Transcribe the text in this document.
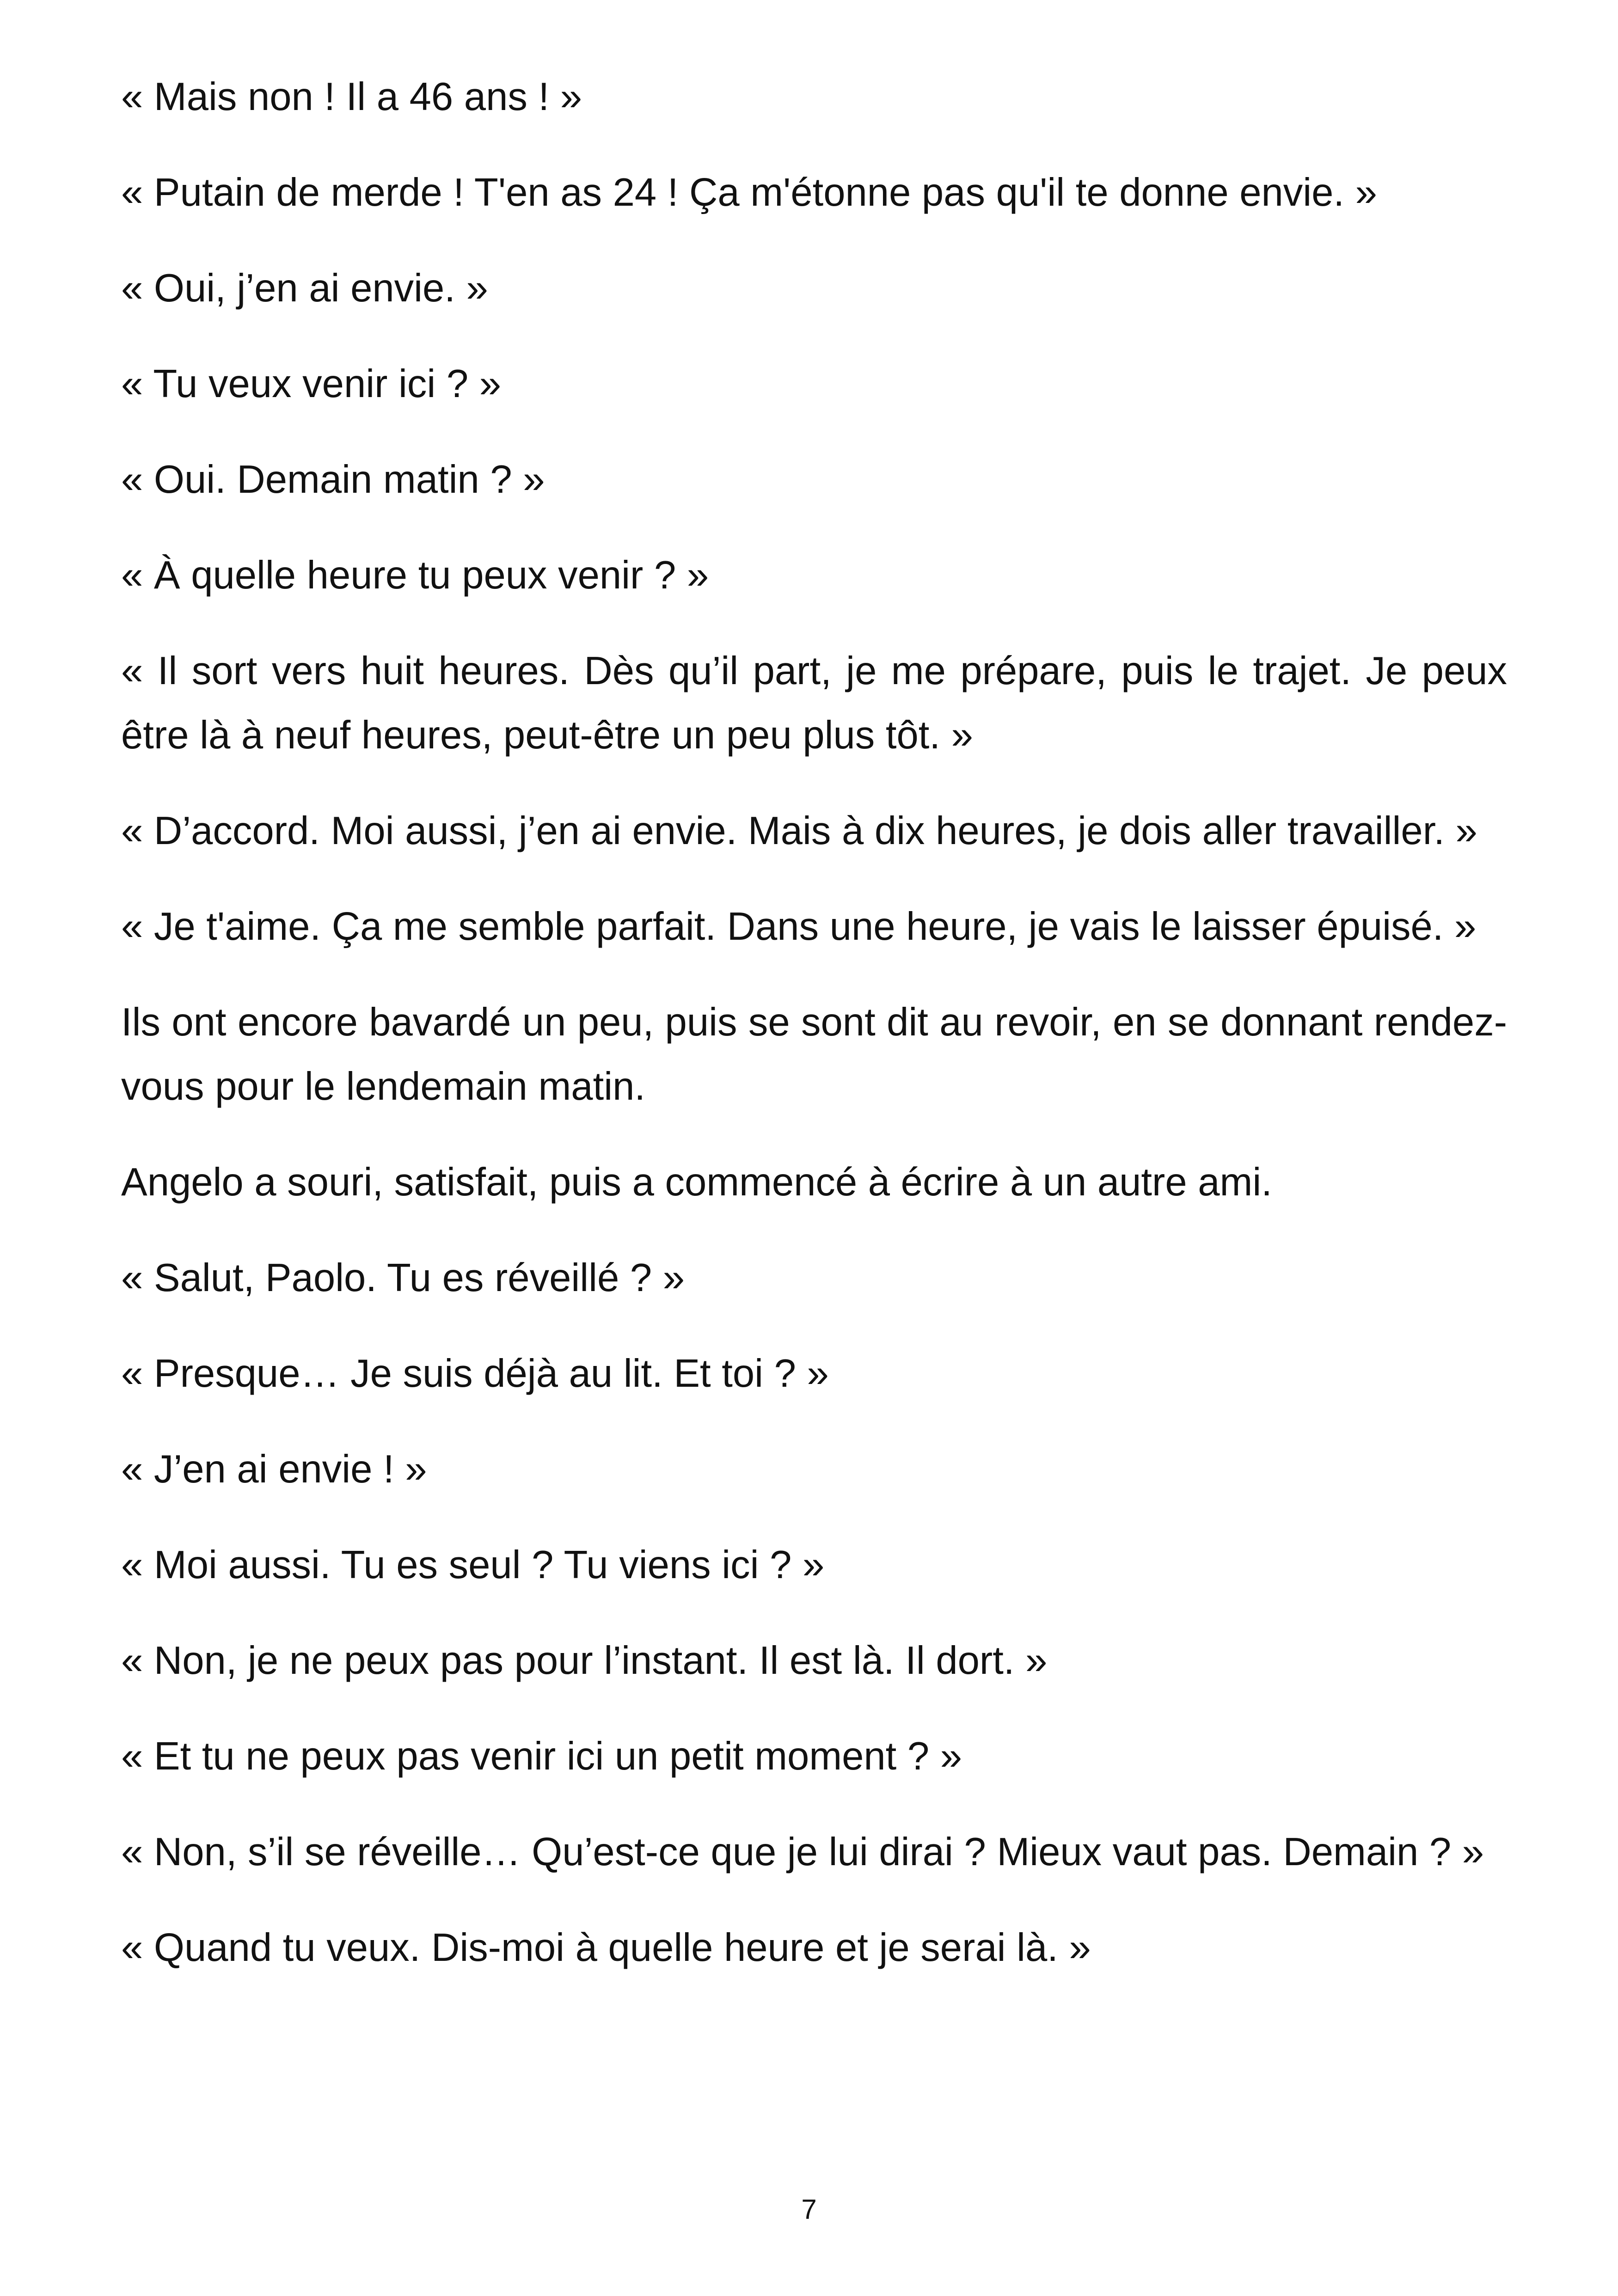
« Mais non ! Il a 46 ans ! »

« Putain de merde ! T'en as 24 ! Ça m'étonne pas qu'il te donne envie. »

« Oui, j’en ai envie. »

« Tu veux venir ici ? »

« Oui. Demain matin ? »

« À quelle heure tu peux venir ? »

« Il sort vers huit heures. Dès qu’il part, je me prépare, puis le trajet. Je peux être là à neuf heures, peut-être un peu plus tôt. »

« D’accord. Moi aussi, j’en ai envie. Mais à dix heures, je dois aller travailler. »

« Je t'aime. Ça me semble parfait. Dans une heure, je vais le laisser épuisé. »

Ils ont encore bavardé un peu, puis se sont dit au revoir, en se donnant rendez-vous pour le lendemain matin.

Angelo a souri, satisfait, puis a commencé à écrire à un autre ami.

« Salut, Paolo. Tu es réveillé ? »

« Presque… Je suis déjà au lit. Et toi ? »

« J’en ai envie ! »

« Moi aussi. Tu es seul ? Tu viens ici ? »

« Non, je ne peux pas pour l’instant. Il est là. Il dort. »

« Et tu ne peux pas venir ici un petit moment ? »

« Non, s’il se réveille… Qu’est-ce que je lui dirai ? Mieux vaut pas. Demain ? »

« Quand tu veux. Dis-moi à quelle heure et je serai là. »

7
